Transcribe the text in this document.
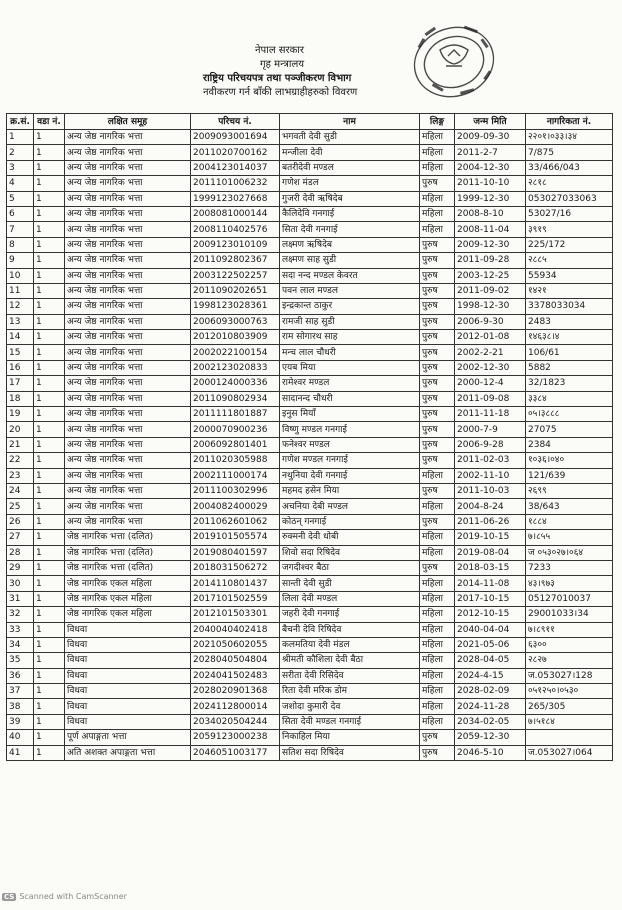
नेपाल सरकार
गृह मन्त्रालय
राष्ट्रिय परिचयपत्र तथा पञ्जीकरण विभाग
नवीकरण गर्न बाँकी लाभग्राहीहरुको विवरण
क्र.सं.	वडा नं.	लक्षित समूह	परिचय नं.	नाम	लिङ्ग	जन्म मिति	नागरिकता नं.
1	1	अन्य जेष्ठ नागरिक भत्ता	2009093001694	भगवती देवी सुडी	महिला	2009-09-30	२२०१।०३३।३४
2	1	अन्य जेष्ठ नागरिक भत्ता	2011020700162	मन्जीला देवी	महिला	2011-2-7	7/875
3	1	अन्य जेष्ठ नागरिक भत्ता	2004123014037	बतरीदेवी मण्डल	महिला	2004-12-30	33/466/043
4	1	अन्य जेष्ठ नागरिक भत्ता	2011101006232	गणेश मंडल	पुरुष	2011-10-10	२८१८
5	1	अन्य जेष्ठ नागरिक भत्ता	1999123027668	गुजरी देवी ऋषिदेब	महिला	1999-12-30	053027033063
6	1	अन्य जेष्ठ नागरिक भत्ता	2008081000144	कैलिदेवि गनगाई	महिला	2008-8-10	53027/16
7	1	अन्य जेष्ठ नागरिक भत्ता	2008110402576	सिता देवी गनगाई	महिला	2008-11-04	३९१९
8	1	अन्य जेष्ठ नागरिक भत्ता	2009123010109	लक्ष्मण ऋषिदेब	पुरुष	2009-12-30	225/172
9	1	अन्य जेष्ठ नागरिक भत्ता	2011092802367	लक्ष्मण साह सुडी	पुरुष	2011-09-28	२८८५
10	1	अन्य जेष्ठ नागरिक भत्ता	2003122502257	सदा नन्द मण्डल केवरत	पुरुष	2003-12-25	55934
11	1	अन्य जेष्ठ नागरिक भत्ता	2011090202651	पवन लाल मण्डल	पुरुष	2011-09-02	१४२१
12	1	अन्य जेष्ठ नागरिक भत्ता	1998123028361	इन्द्रकान्त ठाकुर	पुरुष	1998-12-30	3378033034
13	1	अन्य जेष्ठ नागरिक भत्ता	2006093000763	रामजी साह सुडी	पुरुष	2006-9-30	2483
14	1	अन्य जेष्ठ नागरिक भत्ता	2012010803909	राम सोगारथ साह	पुरुष	2012-01-08	१४६३८।४
15	1	अन्य जेष्ठ नागरिक भत्ता	2002022100154	मन्च लाल चौधरी	पुरुष	2002-2-21	106/61
16	1	अन्य जेष्ठ नागरिक भत्ता	2002123020833	एयब मिया	पुरुष	2002-12-30	5882
17	1	अन्य जेष्ठ नागरिक भत्ता	2000124000336	रामेश्वर मण्डल	पुरुष	2000-12-4	32/1823
18	1	अन्य जेष्ठ नागरिक भत्ता	2011090802934	सादानन्द चौधरी	पुरुष	2011-09-08	३३८४
19	1	अन्य जेष्ठ नागरिक भत्ता	2011111801887	इनुस मियाँ	पुरुष	2011-11-18	०५।३८८८
20	1	अन्य जेष्ठ नागरिक भत्ता	2000070900236	विष्णु मण्डल गनगाई	पुरुष	2000-7-9	27075
21	1	अन्य जेष्ठ नागरिक भत्ता	2006092801401	फनेश्वर मण्डल	पुरुष	2006-9-28	2384
22	1	अन्य जेष्ठ नागरिक भत्ता	2011020305988	गणेश मण्डल गनगाई	पुरुष	2011-02-03	१०३६।०४०
23	1	अन्य जेष्ठ नागरिक भत्ता	2002111000174	नथुनिया देवी गनगाई	महिला	2002-11-10	121/639
24	1	अन्य जेष्ठ नागरिक भत्ता	2011100302996	महमद हसेन मिया	पुरुष	2011-10-03	२६९९
25	1	अन्य जेष्ठ नागरिक भत्ता	2004082400029	अचनिया देबी मण्डल	महिला	2004-8-24	38/643
26	1	अन्य जेष्ठ नागरिक भत्ता	2011062601062	कोठन् गनगाई	पुरुष	2011-06-26	१८८४
27	1	जेष्ठ नागरिक भत्ता (दलित)	2019101505574	रुक्मनी देवी धोबी	महिला	2019-10-15	७।८५५
28	1	जेष्ठ नागरिक भत्ता (दलित)	2019080401597	शिवो सदा रिषिदेव	महिला	2019-08-04	ज ०५३०२७।०६४
29	1	जेष्ठ नागरिक भत्ता (दलित)	2018031506272	जगदीश्वर बैठा	पुरुष	2018-03-15	7233
30	1	जेष्ठ नागरिक एकल महिला	2014110801437	सान्ती देवी सुडी	महिला	2014-11-08	४३।९७३
31	1	जेष्ठ नागरिक एकल महिला	2017101502559	लिला देवी मण्डल	महिला	2017-10-15	05127010037
32	1	जेष्ठ नागरिक एकल महिला	2012101503301	जहरी देवी गनगाई	महिला	2012-10-15	29001033।34
33	1	विधवा	2040040402418	बैचनी देवि रिषिदेव	महिला	2040-04-04	७।८९११
34	1	विधवा	2021050602055	कलमतिया देवी मंडल	महिला	2021-05-06	६३००
35	1	विधवा	2028040504804	श्रीमती कौशिला देवी बैठा	महिला	2028-04-05	२८२७
36	1	विधवा	2024041502483	सरीता देवी रिसिदेव	महिला	2024-4-15	ज.053027।128
37	1	विधवा	2028020901368	रिता देवी मरिक डोम	महिला	2028-02-09	०५१२५०।०५३०
38	1	विधवा	2024112800014	जशोदा कुमारी देव	महिला	2024-11-28	265/305
39	1	विधवा	2034020504244	सिता देवी मण्डल गनगाई	महिला	2034-02-05	७।५१८४
40	1	पूर्ण अपाङ्गता भत्ता	2059123000238	निकाहिल मिया	पुरुष	2059-12-30	
41	1	अति अशक्त अपाङ्गता भत्ता	2046051003177	सतिश सदा रिषिदेव	पुरुष	2046-5-10	ज.053027।064
CS Scanned with CamScanner
